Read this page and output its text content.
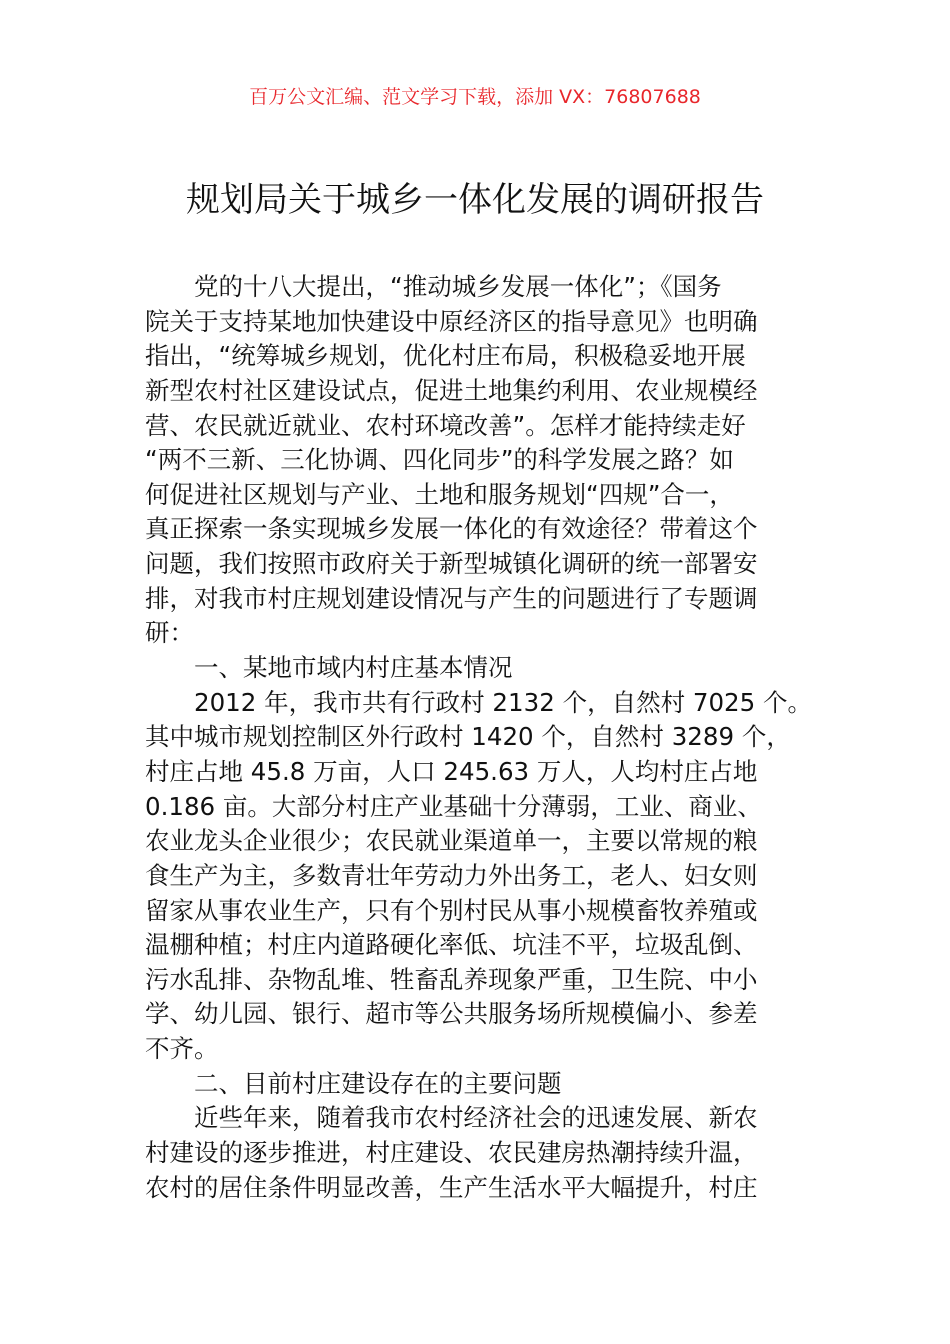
百万公文汇编、范文学习下载，添加 VX：76807688
规划局关于城乡一体化发展的调研报告
　　党的十八大提出，“推动城乡发展一体化”；《国务
院关于支持某地加快建设中原经济区的指导意见》也明确
指出，“统筹城乡规划，优化村庄布局，积极稳妥地开展
新型农村社区建设试点，促进土地集约利用、农业规模经
营、农民就近就业、农村环境改善”。怎样才能持续走好
“两不三新、三化协调、四化同步”的科学发展之路？如
何促进社区规划与产业、土地和服务规划“四规”合一，
真正探索一条实现城乡发展一体化的有效途径？带着这个
问题，我们按照市政府关于新型城镇化调研的统一部署安
排，对我市村庄规划建设情况与产生的问题进行了专题调
研：
　　一、某地市域内村庄基本情况
　　2012 年，我市共有行政村 2132 个，自然村 7025 个。
其中城市规划控制区外行政村 1420 个，自然村 3289 个，
村庄占地 45.8 万亩，人口 245.63 万人，人均村庄占地
0.186 亩。大部分村庄产业基础十分薄弱，工业、商业、
农业龙头企业很少；农民就业渠道单一，主要以常规的粮
食生产为主，多数青壮年劳动力外出务工，老人、妇女则
留家从事农业生产，只有个别村民从事小规模畜牧养殖或
温棚种植；村庄内道路硬化率低、坑洼不平，垃圾乱倒、
污水乱排、杂物乱堆、牲畜乱养现象严重，卫生院、中小
学、幼儿园、银行、超市等公共服务场所规模偏小、参差
不齐。
　　二、目前村庄建设存在的主要问题
　　近些年来，随着我市农村经济社会的迅速发展、新农
村建设的逐步推进，村庄建设、农民建房热潮持续升温，
农村的居住条件明显改善，生产生活水平大幅提升，村庄
